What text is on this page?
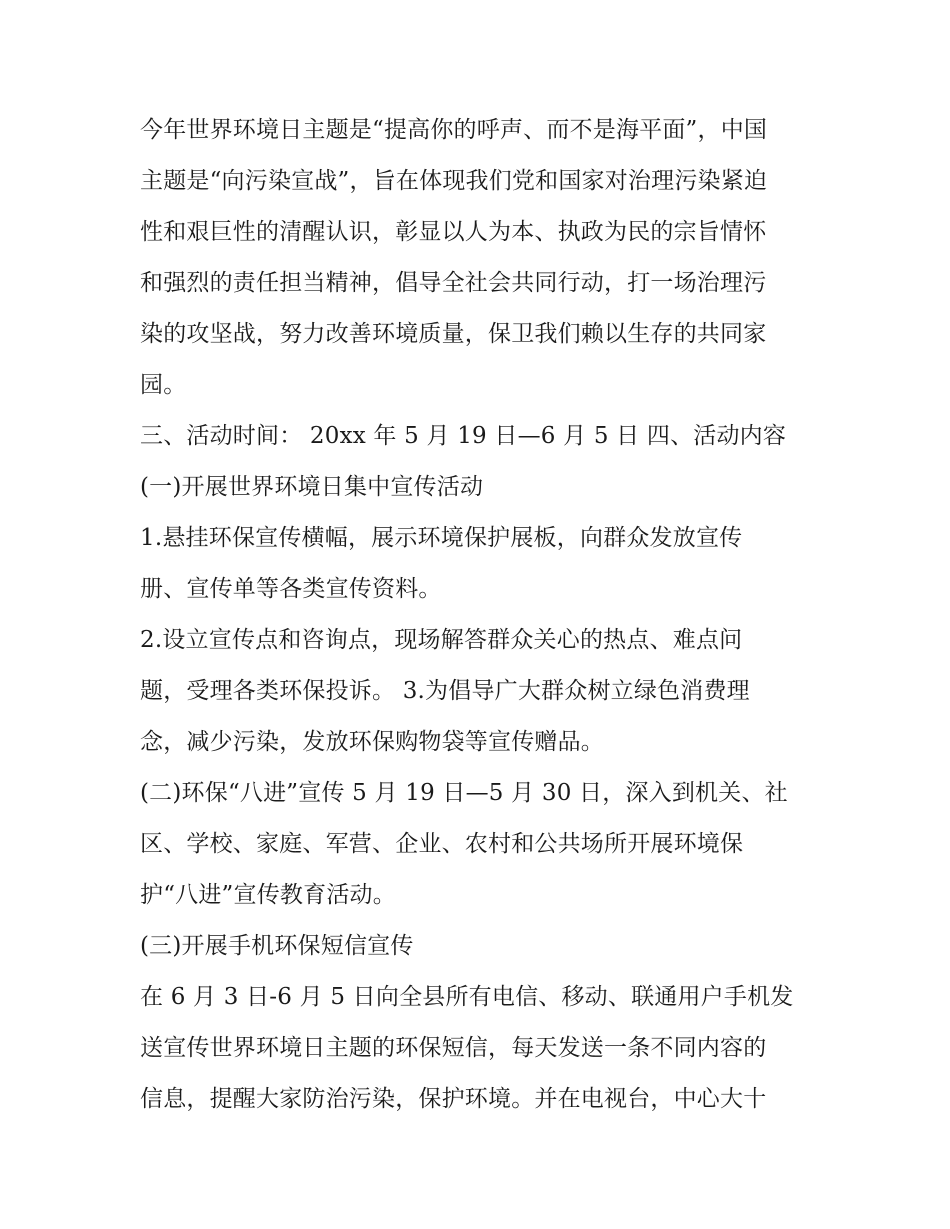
今年世界环境日主题是“提高你的呼声、而不是海平面”，中国
主题是“向污染宣战”，旨在体现我们党和国家对治理污染紧迫
性和艰巨性的清醒认识，彰显以人为本、执政为民的宗旨情怀
和强烈的责任担当精神，倡导全社会共同行动，打一场治理污
染的攻坚战，努力改善环境质量，保卫我们赖以生存的共同家
园。
三、活动时间： 20xx 年 5 月 19 日—6 月 5 日 四、活动内容
(一)开展世界环境日集中宣传活动
1.悬挂环保宣传横幅，展示环境保护展板，向群众发放宣传
册、宣传单等各类宣传资料。
2.设立宣传点和咨询点，现场解答群众关心的热点、难点问
题，受理各类环保投诉。 3.为倡导广大群众树立绿色消费理
念，减少污染，发放环保购物袋等宣传赠品。
(二)环保“八进”宣传 5 月 19 日—5 月 30 日，深入到机关、社
区、学校、家庭、军营、企业、农村和公共场所开展环境保
护“八进”宣传教育活动。
(三)开展手机环保短信宣传
在 6 月 3 日-6 月 5 日向全县所有电信、移动、联通用户手机发
送宣传世界环境日主题的环保短信，每天发送一条不同内容的
信息，提醒大家防治污染，保护环境。并在电视台，中心大十
